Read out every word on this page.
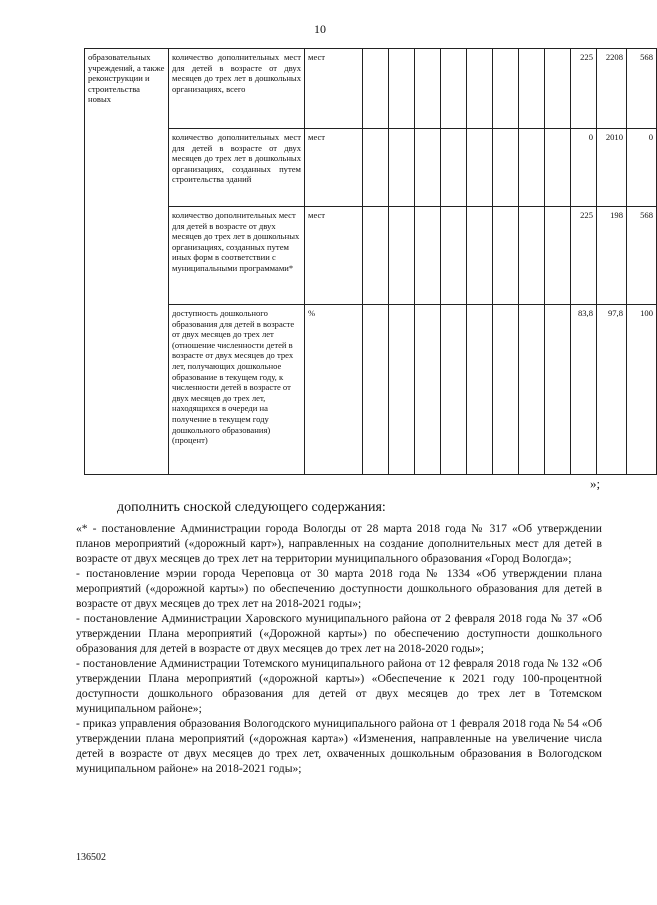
10
образовательных учреждений, а также реконструкции и строительства новых	количество дополнительных мест для детей в возрасте от двух месяцев до трех лет в дошкольных организациях, всего	мест									225	2208	568
	количество дополнительных мест для детей в возрасте от двух месяцев до трех лет в дошкольных организациях, созданных путем строительства зданий	мест									0	2010	0
	количество дополнительных мест для детей в возрасте от двух месяцев до трех лет в дошкольных организациях, созданных путем иных форм в соответствии с муниципальными программами*	мест									225	198	568
	доступность дошкольного образования для детей в возрасте от двух месяцев до трех лет (отношение численности детей в возрасте от двух месяцев до трех лет, получающих дошкольное образование в текущем году, к численности детей в возрасте от двух месяцев до трех лет, находящихся в очереди на получение в текущем году дошкольного образования) (процент)	%									83,8	97,8	100
»;
дополнить сноской следующего содержания:

«* - постановление Администрации города Вологды от 28 марта 2018 года № 317 «Об утверждении планов мероприятий («дорожный карт»), направленных на создание дополнительных мест для детей в возрасте от двух месяцев до трех лет на территории муниципального образования «Город Вологда»;

- постановление мэрии города Череповца от 30 марта 2018 года № 1334 «Об утверждении плана мероприятий («дорожной карты») по обеспечению доступности дошкольного образования для детей в возрасте от двух месяцев до трех лет на 2018-2021 годы»;

- постановление Администрации Харовского муниципального района от 2 февраля 2018 года № 37 «Об утверждении Плана мероприятий («Дорожной карты») по обеспечению доступности дошкольного образования для детей в возрасте от двух месяцев до трех лет на 2018-2020 годы»;

- постановление Администрации Тотемского муниципального района от 12 февраля 2018 года № 132 «Об утверждении Плана мероприятий («дорожной карты») «Обеспечение к 2021 году 100-процентной доступности дошкольного образования для детей от двух месяцев до трех лет в Тотемском муниципальном районе»;

- приказ управления образования Вологодского муниципального района от 1 февраля 2018 года № 54 «Об утверждении плана мероприятий («дорожная карта») «Изменения, направленные на увеличение числа детей в возрасте от двух месяцев до трех лет, охваченных дошкольным образования в Вологодском муниципальном районе» на 2018-2021 годы»;

136502
